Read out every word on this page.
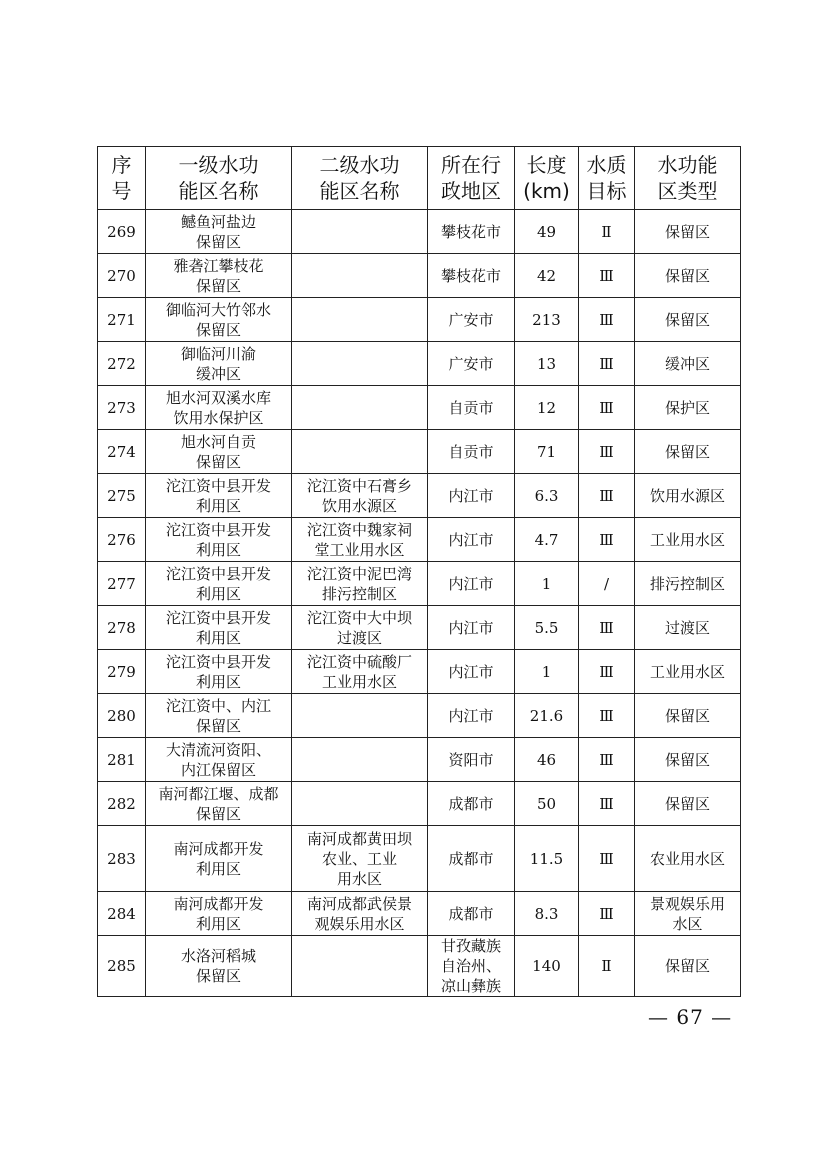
序
号	一级水功
能区名称	二级水功
能区名称	所在行
政地区	长度
(km)	水质
目标	水功能
区类型

269	鳡鱼河盐边
保留区		攀枝花市	49	Ⅱ	保留区

270	雅砻江攀枝花
保留区		攀枝花市	42	Ⅲ	保留区

271	御临河大竹邻水
保留区		广安市	213	Ⅲ	保留区

272	御临河川渝
缓冲区		广安市	13	Ⅲ	缓冲区

273	旭水河双溪水库
饮用水保护区		自贡市	12	Ⅲ	保护区

274	旭水河自贡
保留区		自贡市	71	Ⅲ	保留区

275	沱江资中县开发
利用区	沱江资中石膏乡
饮用水源区	内江市	6.3	Ⅲ	饮用水源区

276	沱江资中县开发
利用区	沱江资中魏家祠
堂工业用水区	内江市	4.7	Ⅲ	工业用水区

277	沱江资中县开发
利用区	沱江资中泥巴湾
排污控制区	内江市	1	/	排污控制区

278	沱江资中县开发
利用区	沱江资中大中坝
过渡区	内江市	5.5	Ⅲ	过渡区

279	沱江资中县开发
利用区	沱江资中硫酸厂
工业用水区	内江市	1	Ⅲ	工业用水区

280	沱江资中、内江
保留区		内江市	21.6	Ⅲ	保留区

281	大清流河资阳、
内江保留区		资阳市	46	Ⅲ	保留区

282	南河都江堰、成都
保留区		成都市	50	Ⅲ	保留区

283	南河成都开发
利用区	南河成都黄田坝
农业、工业
用水区	成都市	11.5	Ⅲ	农业用水区

284	南河成都开发
利用区	南河成都武侯景
观娱乐用水区	成都市	8.3	Ⅲ	景观娱乐用
水区

285	水洛河稻城
保留区		甘孜藏族
自治州、
凉山彝族	140	Ⅱ	保留区
— 67 —
